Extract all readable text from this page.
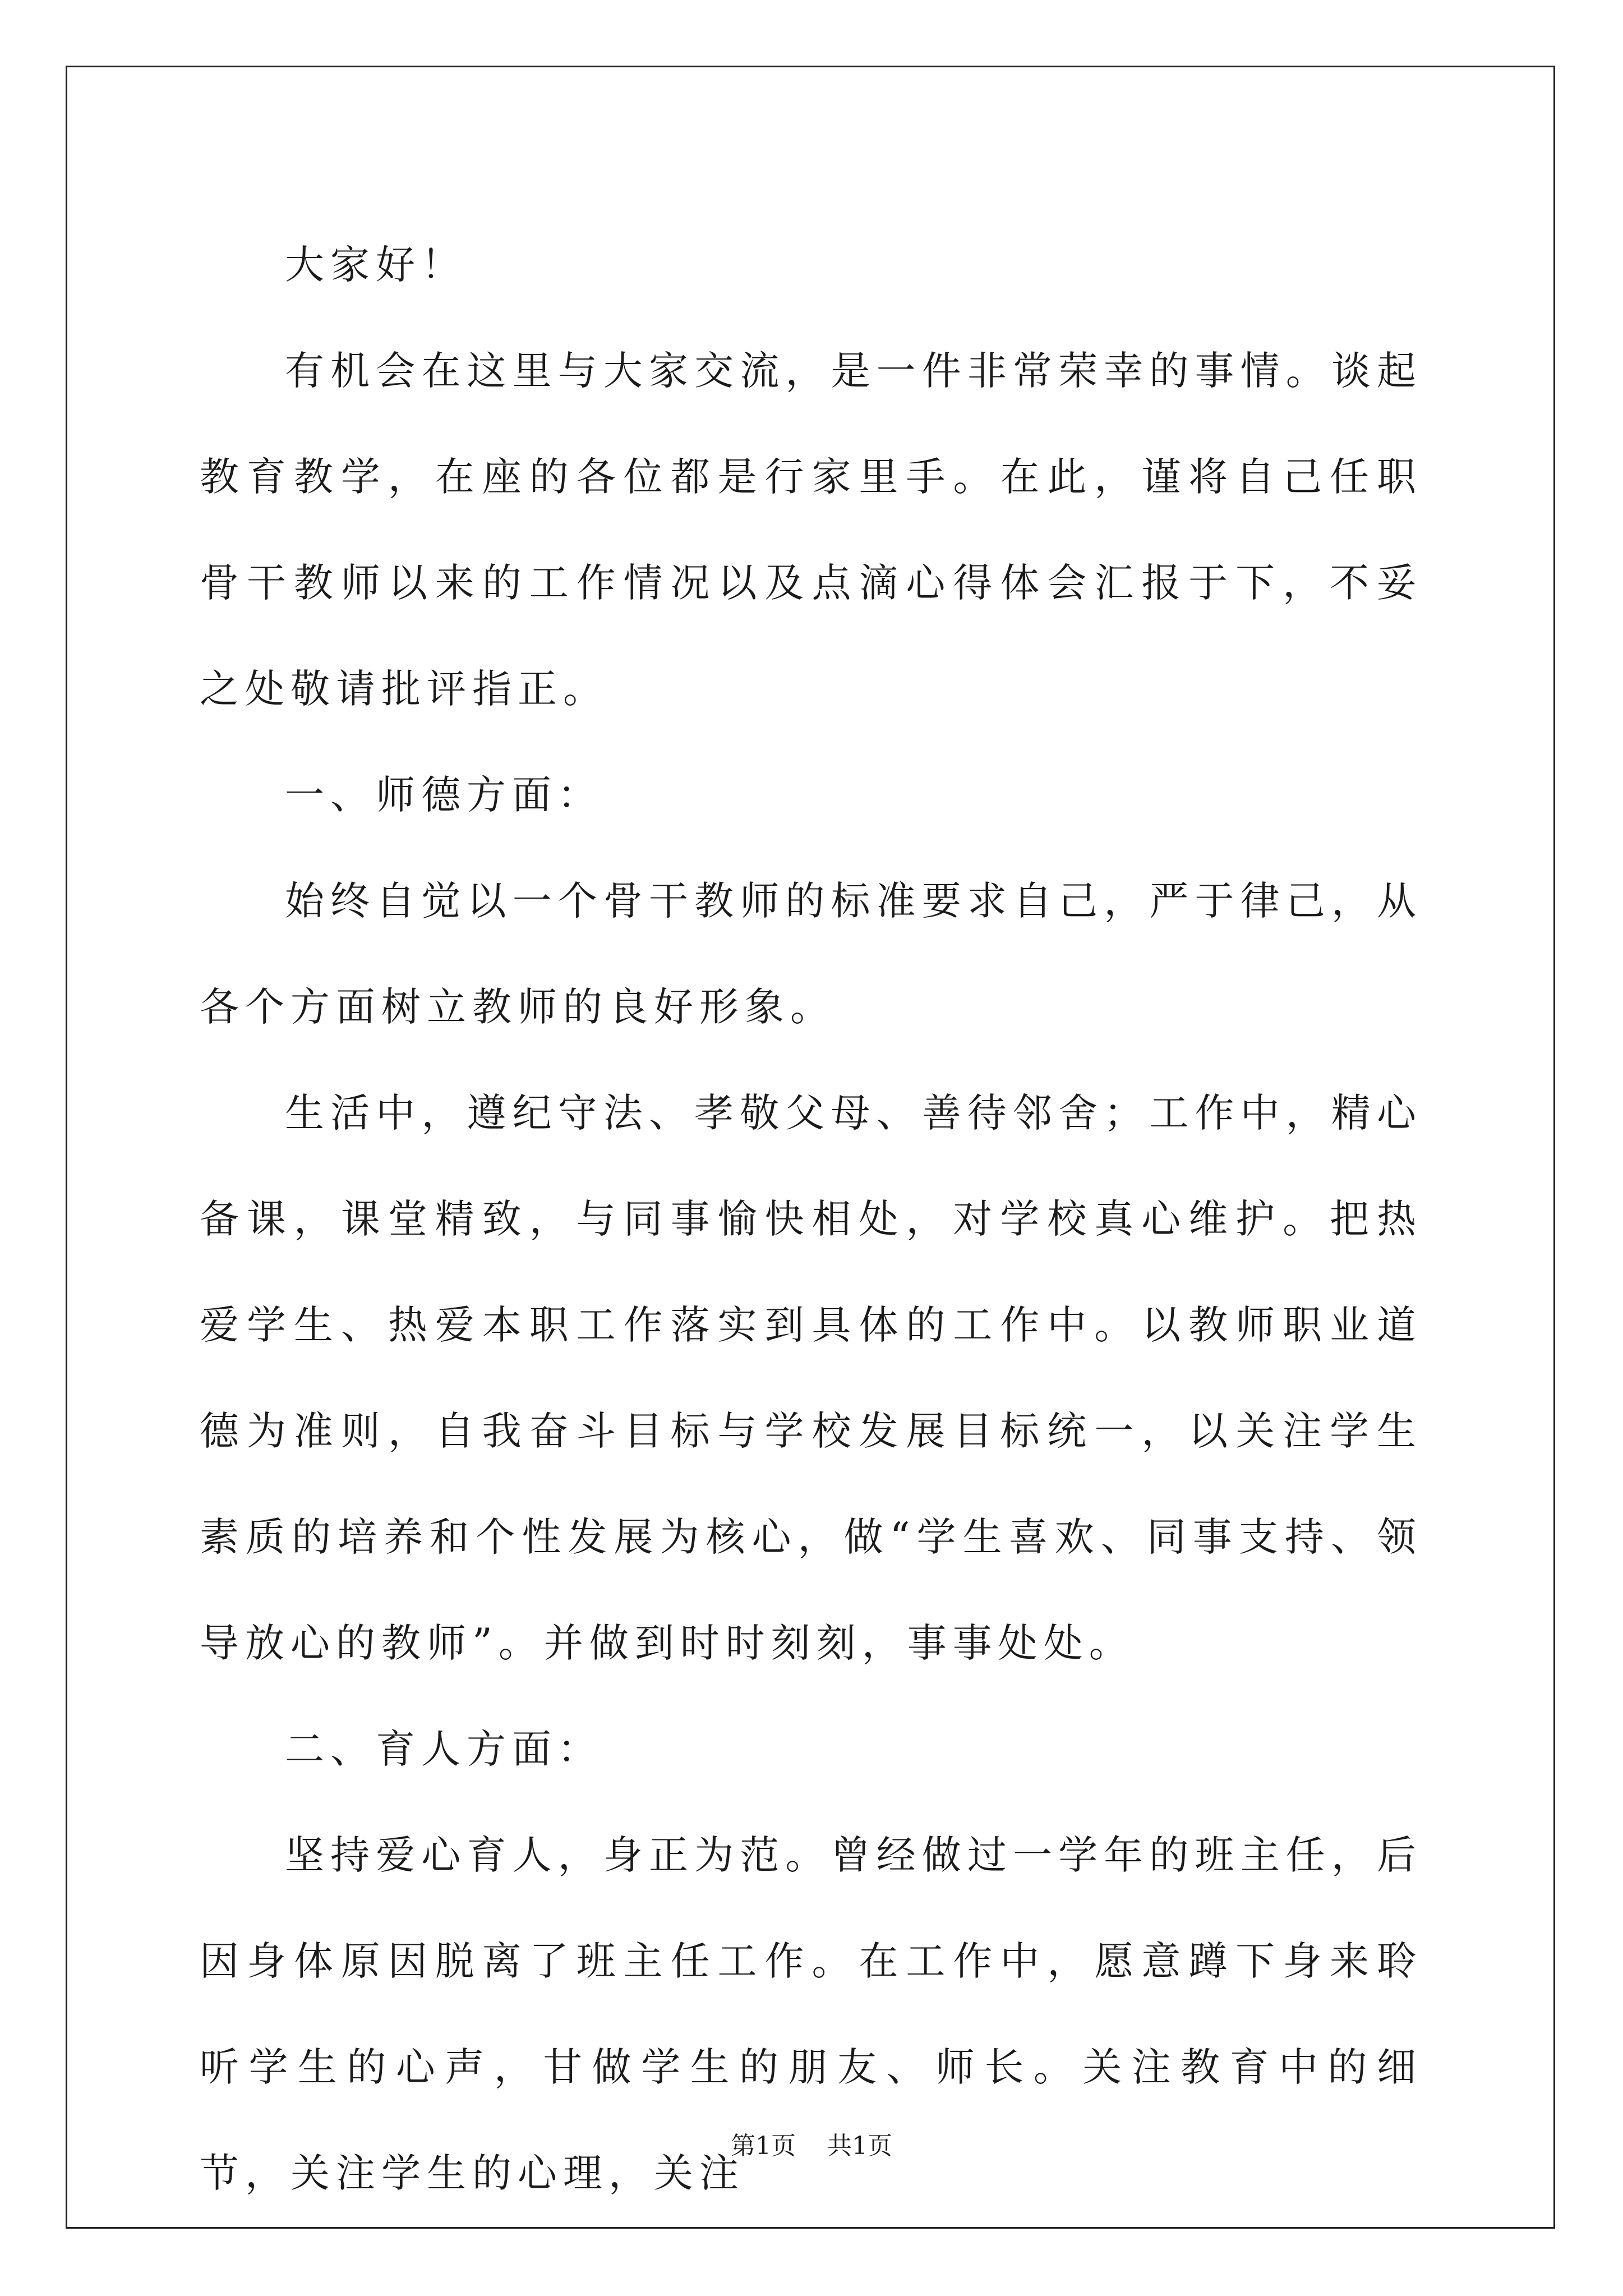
大家好！

有机会在这里与大家交流，是一件非常荣幸的事情。谈起教育教学，在座的各位都是行家里手。在此，谨将自己任职骨干教师以来的工作情况以及点滴心得体会汇报于下，不妥之处敬请批评指正。

一、师德方面：

始终自觉以一个骨干教师的标准要求自己，严于律己，从各个方面树立教师的良好形象。

生活中，遵纪守法、孝敬父母、善待邻舍；工作中，精心备课，课堂精致，与同事愉快相处，对学校真心维护。把热爱学生、热爱本职工作落实到具体的工作中。以教师职业道德为准则，自我奋斗目标与学校发展目标统一，以关注学生素质的培养和个性发展为核心，做“学生喜欢、同事支持、领导放心的教师”。并做到时时刻刻，事事处处。

二、育人方面：

坚持爱心育人，身正为范。曾经做过一学年的班主任，后因身体原因脱离了班主任工作。在工作中，愿意蹲下身来聆听学生的心声，甘做学生的朋友、师长。关注教育中的细节，关注学生的心理，关注

第1页 共1页
